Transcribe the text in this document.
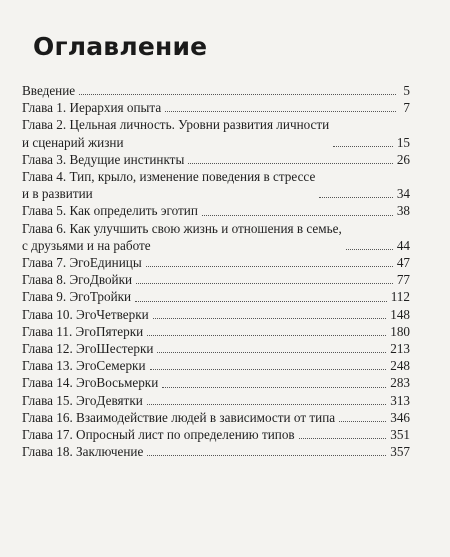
Оглавление
Введение	5
Глава 1. Иерархия опыта	7
Глава 2. Цельная личность. Уровни развития личности
и сценарий жизни	15
Глава 3. Ведущие инстинкты	26
Глава 4. Тип, крыло, изменение поведения в стрессе
и в развитии	34
Глава 5. Как определить эготип	38
Глава 6. Как улучшить свою жизнь и отношения в семье,
с друзьями и на работе	44
Глава 7. ЭгоЕдиницы	47
Глава 8. ЭгоДвойки	77
Глава 9. ЭгоТройки	112
Глава 10. ЭгоЧетверки	148
Глава 11. ЭгоПятерки	180
Глава 12. ЭгоШестерки	213
Глава 13. ЭгоСемерки	248
Глава 14. ЭгоВосьмерки	283
Глава 15. ЭгоДевятки	313
Глава 16. Взаимодействие людей в зависимости от типа	346
Глава 17. Опросный лист по определению типов	351
Глава 18. Заключение	357
